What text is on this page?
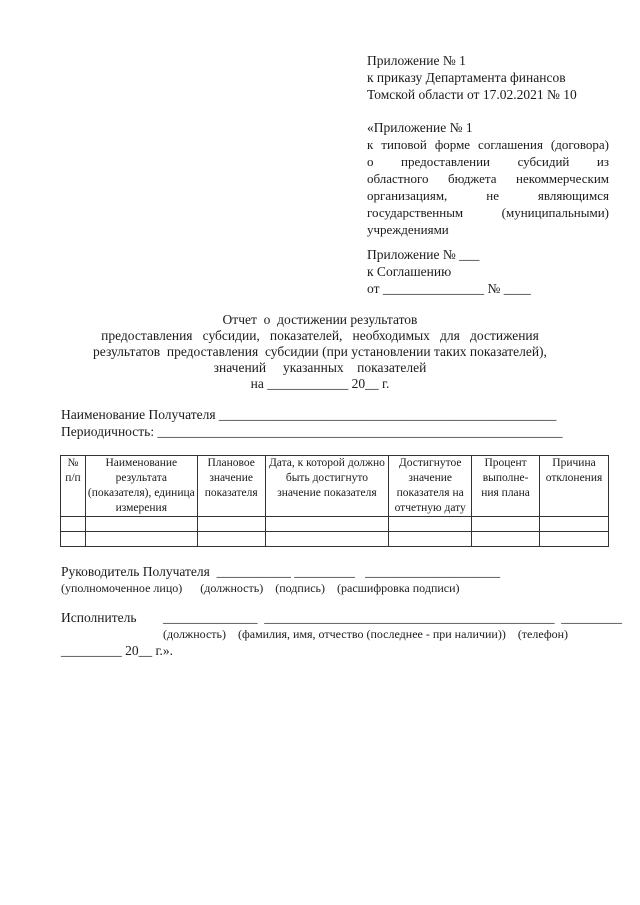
Приложение № 1
к приказу Департамента финансов
Томской области от 17.02.2021 № 10
«Приложение № 1
к типовой форме соглашения (договора)
о предоставлении субсидий из
областного бюджета некоммерческим
организациям, не являющимся
государственным (муниципальными)
учреждениями
Приложение № ___
к Соглашению
от _______________ № ____
Отчет  о  достижении результатов
предоставления   субсидии,   показателей,   необходимых   для   достижения
результатов  предоставления  субсидии (при установлении таких показателей),
значений     указанных    показателей
на ____________ 20__ г.
Наименование Получателя __________________________________________________
Периодичность: ____________________________________________________________
№ п/п	Наименование результата (показателя), единица измерения	Плановое значение показателя	Дата, к которой должно быть достигнуто значение показателя	Достигнутое значение показателя на отчетную дату	Процент выполне- ния плана	Причина отклонения

Руководитель Получателя  ___________ _________   ____________________
(уполномоченное лицо)      (должность)    (подпись)    (расшифровка подписи)
Исполнитель ______________  ___________________________________________  _________
(должность)    (фамилия, имя, отчество (последнее - при наличии))    (телефон)
_________ 20__ г.».
